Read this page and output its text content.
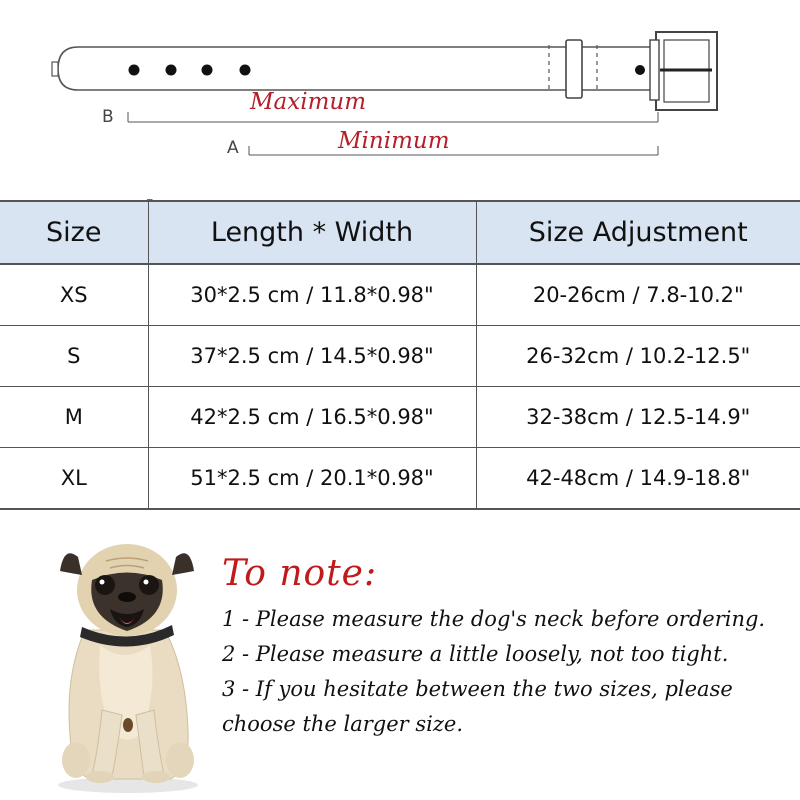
B
A
Maximum
Minimum
Size	Length * Width	Size Adjustment
XS	30*2.5 cm / 11.8*0.98"	20-26cm / 7.8-10.2"
S	37*2.5 cm / 14.5*0.98"	26-32cm / 10.2-12.5"
M	42*2.5 cm / 16.5*0.98"	32-38cm / 12.5-14.9"
XL	51*2.5 cm / 20.1*0.98"	42-48cm / 14.9-18.8"

To note:

1 - Please measure the dog's neck before ordering.

2 - Please measure a little loosely, not too tight.

3 - If you hesitate between the two sizes, please choose the larger size.
